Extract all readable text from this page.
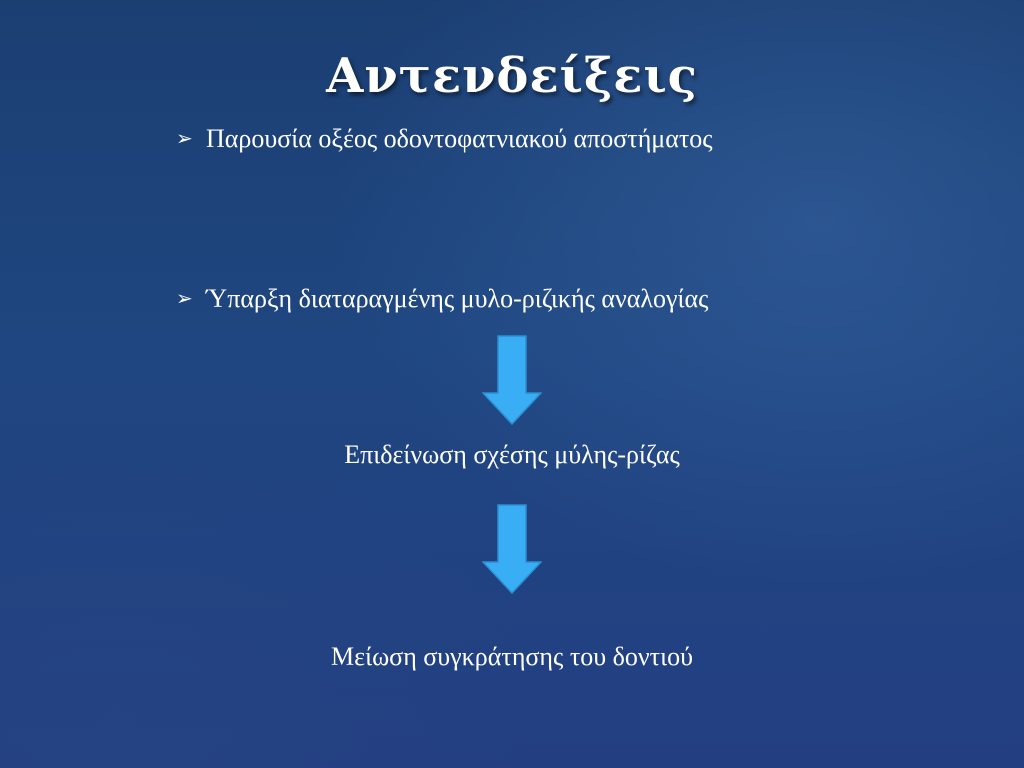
Αντενδείξεις
➢ Παρουσία οξέος οδοντοφατνιακού αποστήματος
➢ Ύπαρξη διαταραγμένης μυλο-ριζικής αναλογίας
Επιδείνωση σχέσης μύλης-ρίζας
Μείωση συγκράτησης του δοντιού
